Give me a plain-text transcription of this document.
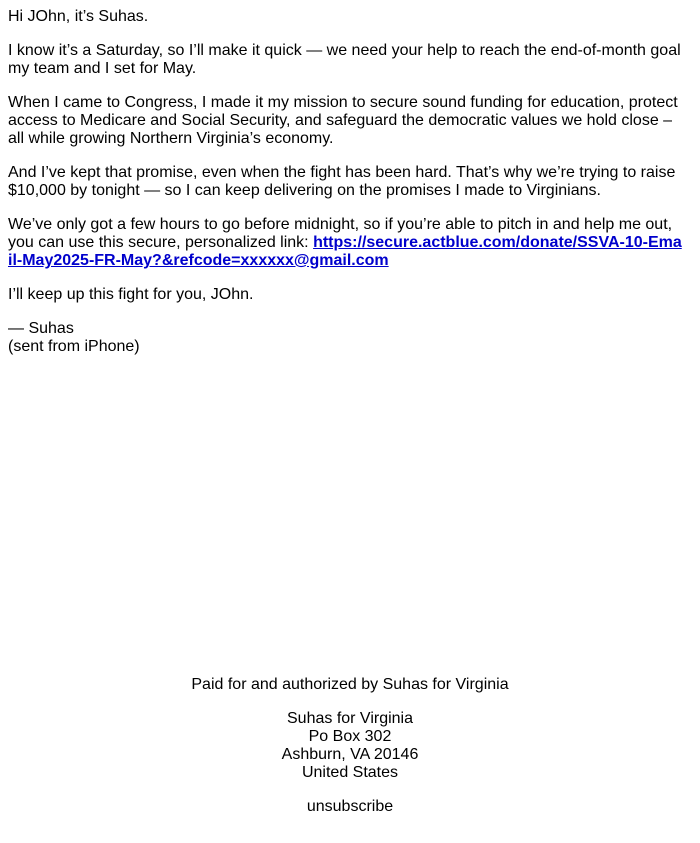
Hi JOhn, it’s Suhas.

I know it’s a Saturday, so I’ll make it quick — we need your help to reach the end-of-month goal my team and I set for May.

When I came to Congress, I made it my mission to secure sound funding for education, protect access to Medicare and Social Security, and safeguard the democratic values we hold close – all while growing Northern Virginia’s economy.

And I’ve kept that promise, even when the fight has been hard. That’s why we’re trying to raise $10,000 by tonight — so I can keep delivering on the promises I made to Virginians.

We’ve only got a few hours to go before midnight, so if you’re able to pitch in and help me out, you can use this secure, personalized link: https://secure.actblue.com/donate/SSVA-10-Email-May2025-FR-May?&refcode=xxxxxx@gmail.com

I’ll keep up this fight for you, JOhn.

— Suhas
(sent from iPhone)

Paid for and authorized by Suhas for Virginia

Suhas for Virginia
Po Box 302
Ashburn, VA 20146
United States

unsubscribe
